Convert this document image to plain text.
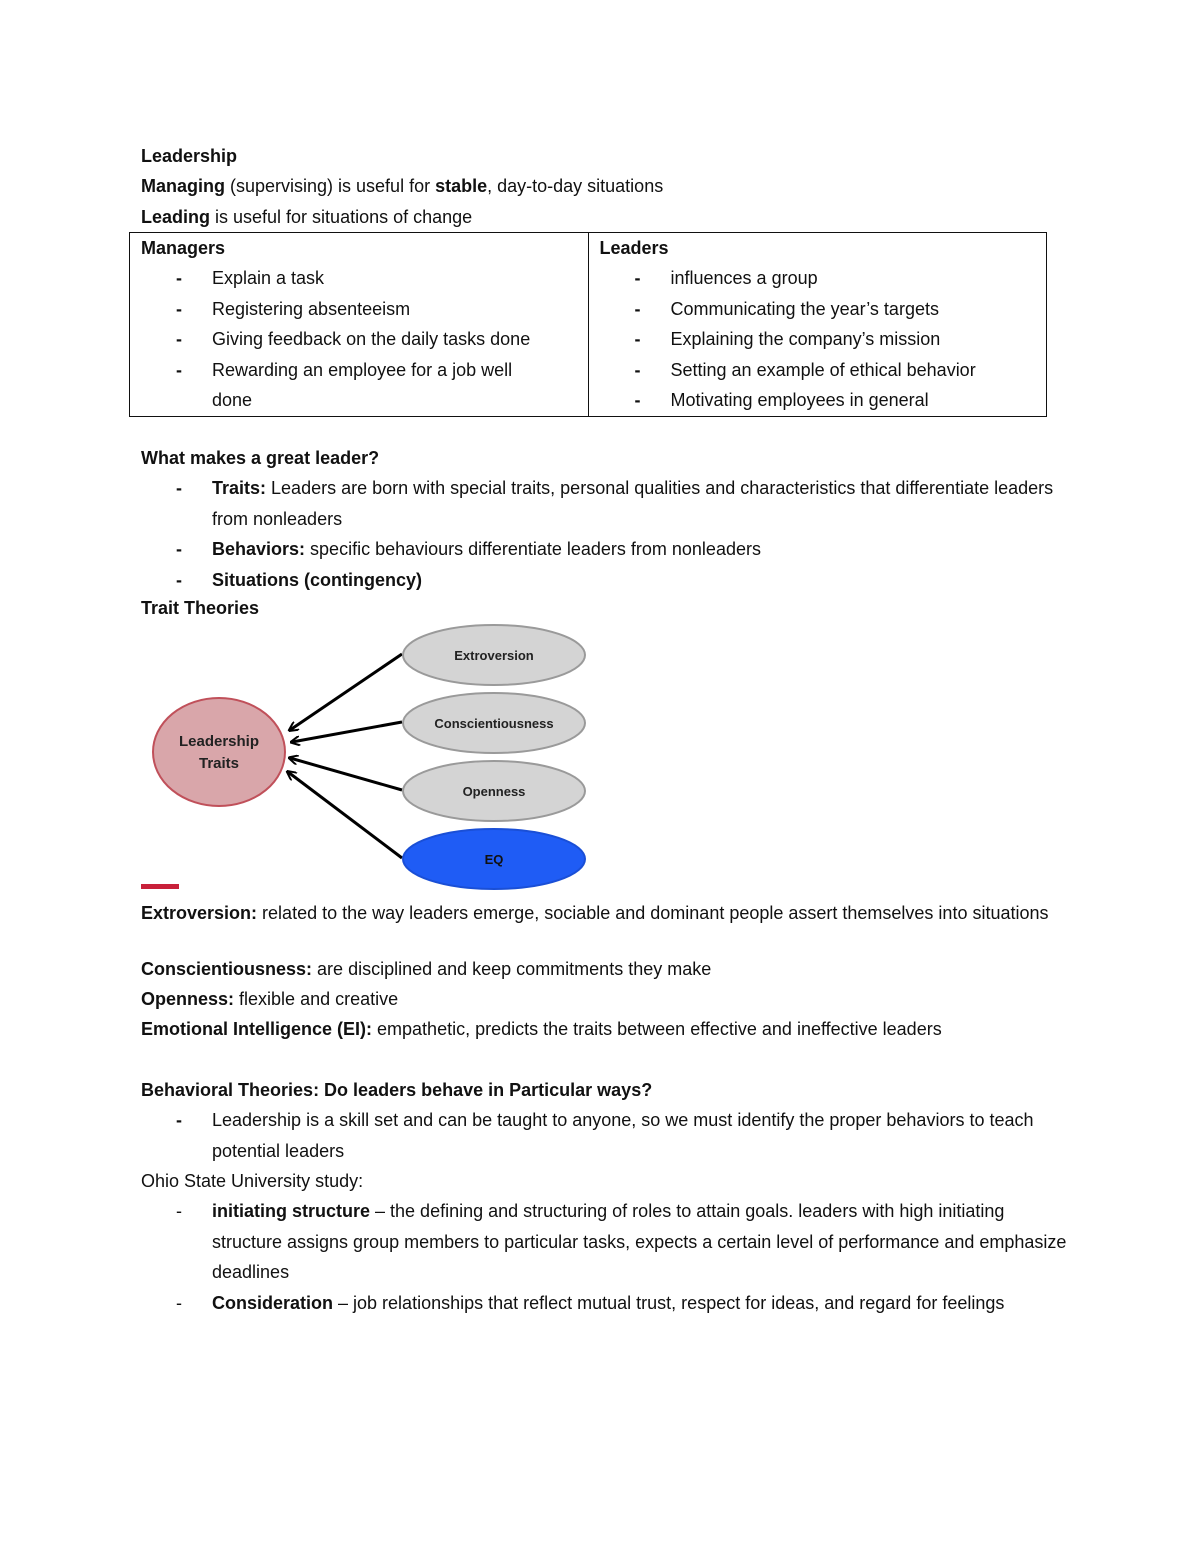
Leadership
Managing (supervising) is useful for stable, day-to-day situations
Leading is useful for situations of change
Managers
- Explain a task
- Registering absenteeism
- Giving feedback on the daily tasks done
- Rewarding an employee for a job well done

Leaders
- influences a group
- Communicating the year’s targets
- Explaining the company’s mission
- Setting an example of ethical behavior
- Motivating employees in general
What makes a great leader?
- Traits: Leaders are born with special traits, personal qualities and characteristics that differentiate leaders from nonleaders
- Behaviors: specific behaviours differentiate leaders from nonleaders
- Situations (contingency)
Trait Theories
Leadership
Traits
Extroversion
Conscientiousness
Openness
EQ
Extroversion: related to the way leaders emerge, sociable and dominant people assert themselves into situations
Conscientiousness: are disciplined and keep commitments they make
Openness: flexible and creative
Emotional Intelligence (EI): empathetic, predicts the traits between effective and ineffective leaders
Behavioral Theories: Do leaders behave in Particular ways?
- Leadership is a skill set and can be taught to anyone, so we must identify the proper behaviors to teach potential leaders
Ohio State University study:
- initiating structure – the defining and structuring of roles to attain goals. leaders with high initiating structure assigns group members to particular tasks, expects a certain level of performance and emphasize deadlines
- Consideration – job relationships that reflect mutual trust, respect for ideas, and regard for feelings
